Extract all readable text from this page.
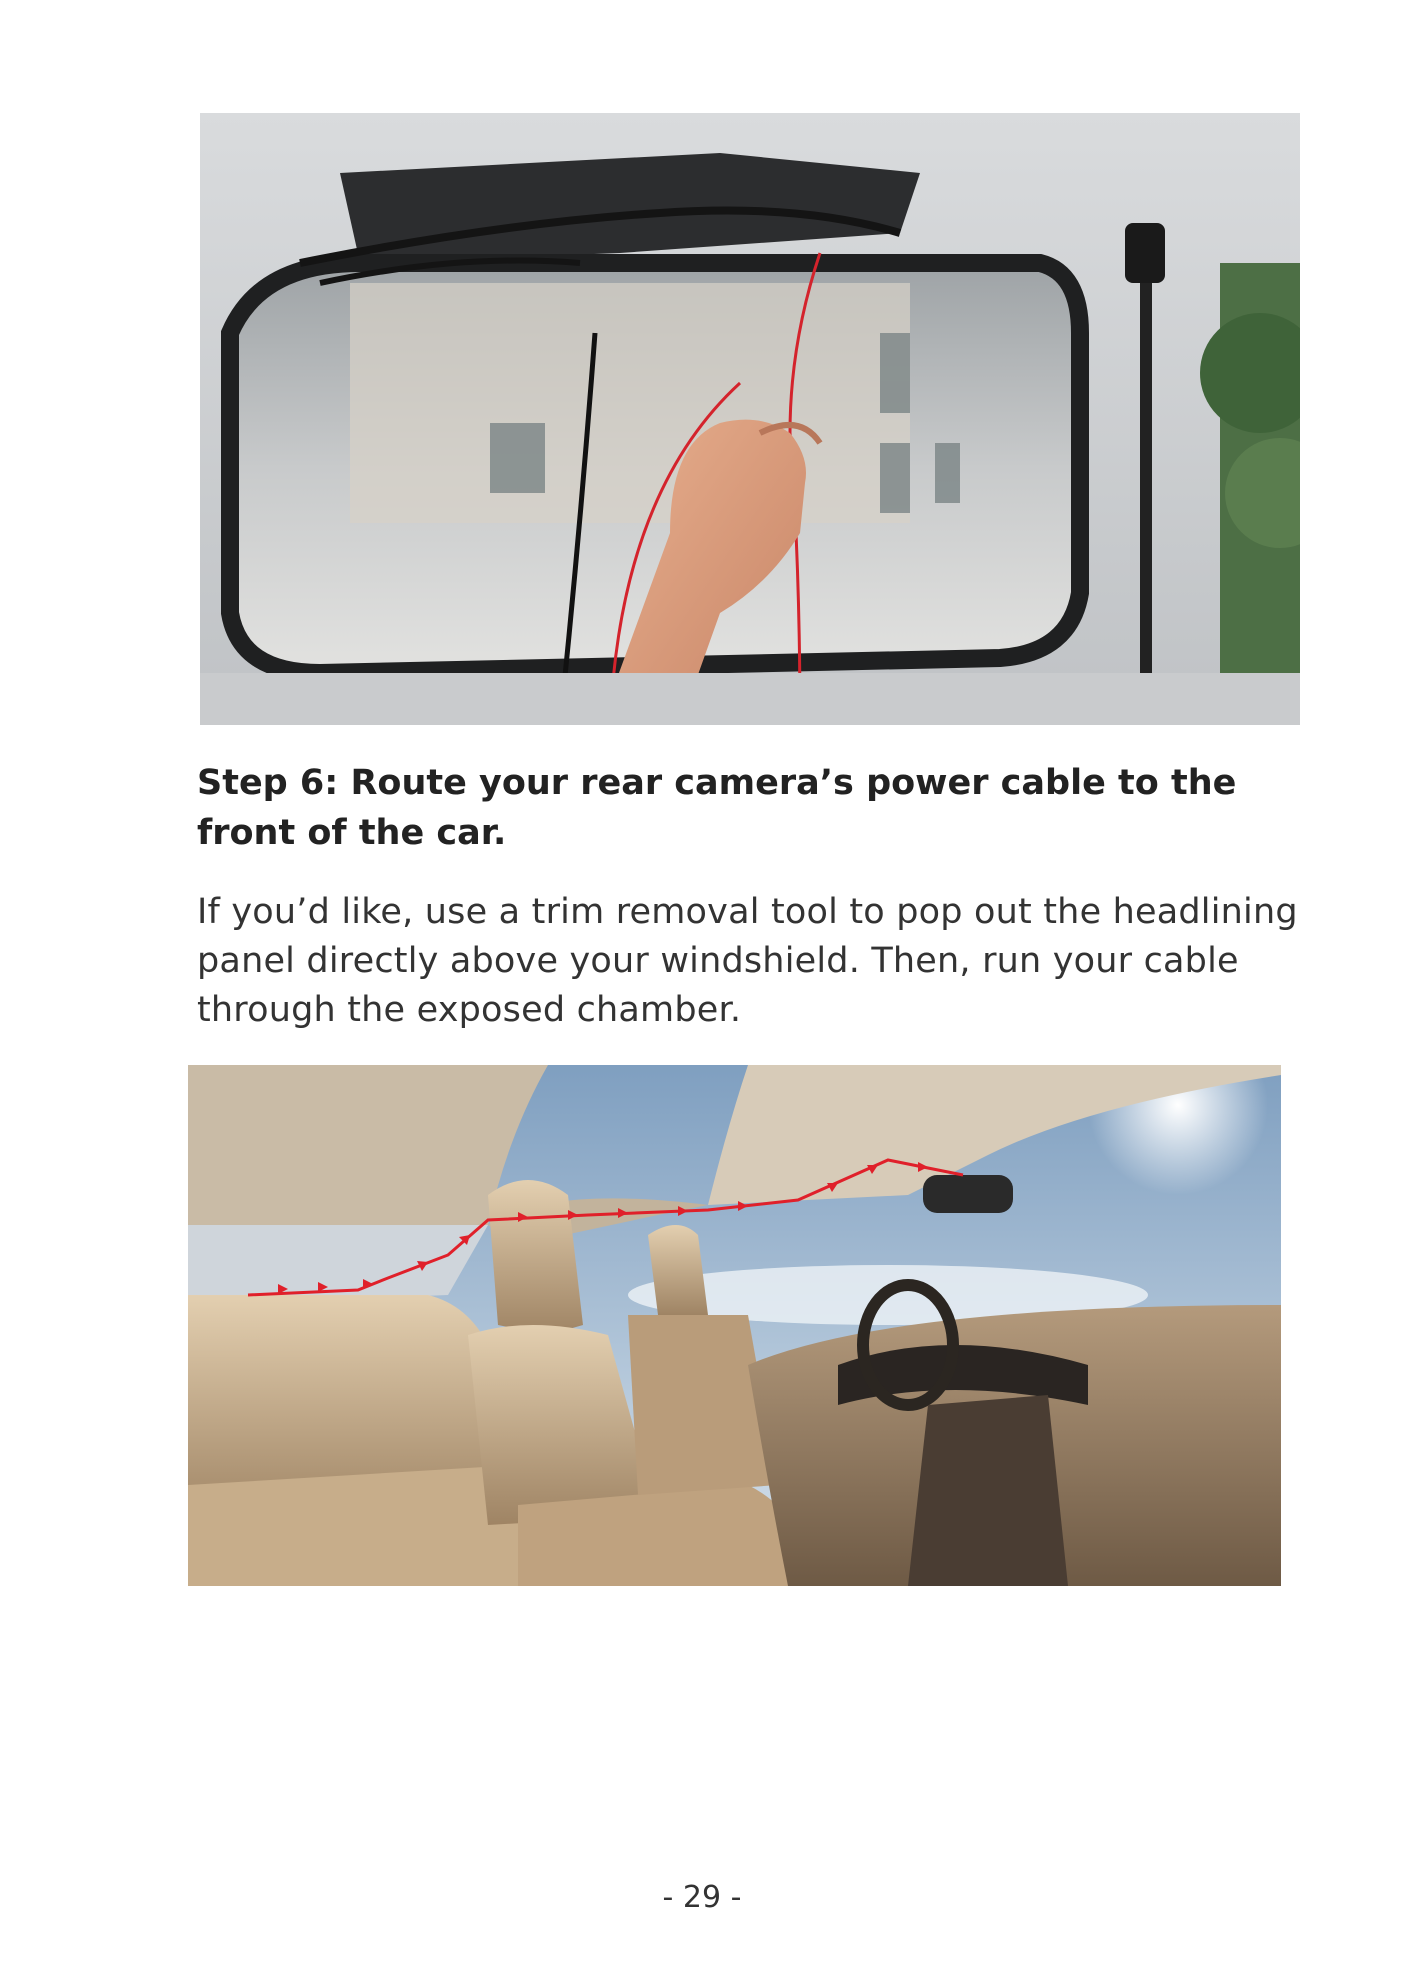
Step 6: Route your rear camera’s power cable to the front of the car.

If you’d like, use a trim removal tool to pop out the headlining panel directly above your windshield. Then, run your cable through the exposed chamber.

- 29 -
